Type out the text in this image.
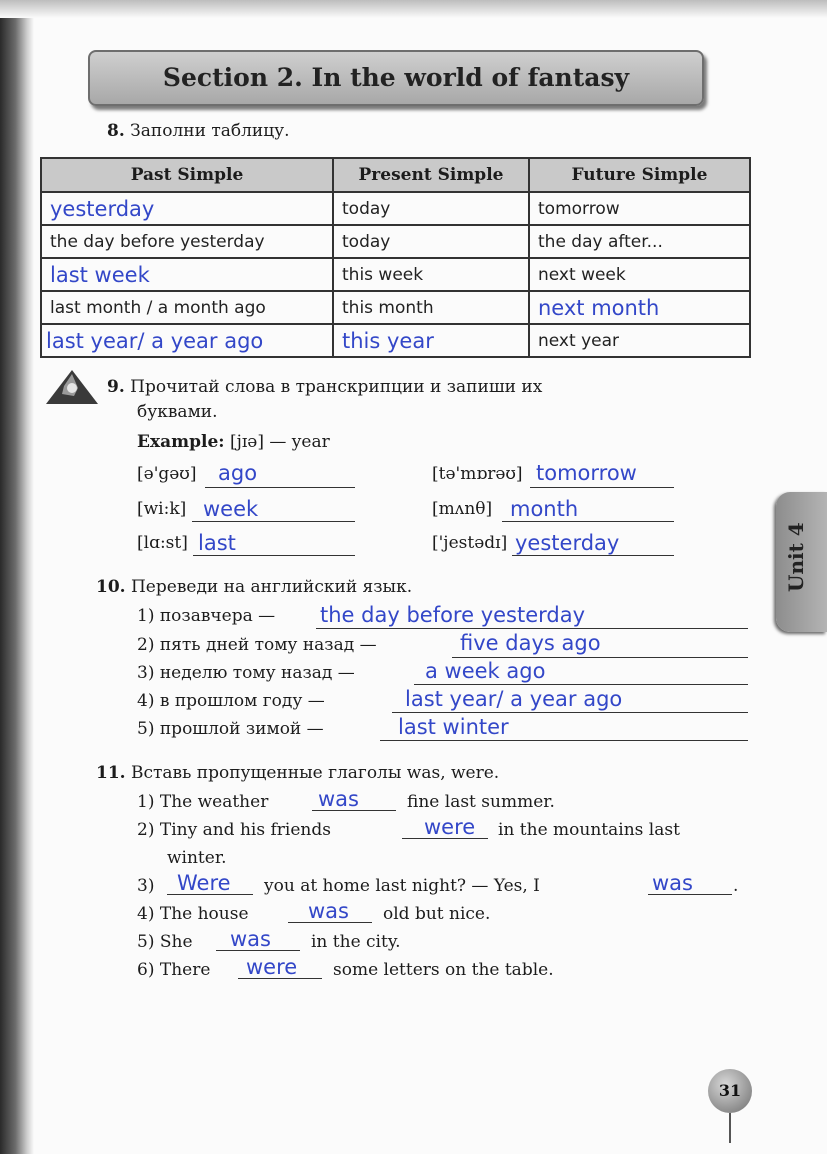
Section 2. In the world of fantasy
8. Заполни таблицу.
Past Simple	Present Simple	Future Simple
yesterday	today	tomorrow
the day before yesterday	today	the day after...
last week	this week	next week
last month / a month ago	this month	next month
last year/ a year ago	this year	next year
9. Прочитай слова в транскрипции и запиши их
буквами.
Example: [jɪə] — year
[ə'gəʊ] ago	[tə'mɒrəʊ] tomorrow
[wi:k] week	[mʌnθ] month
[lɑ:st] last	['jestədɪ] yesterday
10. Переведи на английский язык.
1) позавчера — the day before yesterday
2) пять дней тому назад —	five days ago
3) неделю тому назад —	a week ago
4) в прошлом году —	last year/ a year ago
5) прошлой зимой —	last winter
11. Вставь пропущенные глаголы was, were.
1) The weather was	fine last summer.
2) Tiny and his friends	were in the mountains last
winter.
3) Were you at home last night? — Yes, I	was .
4) The house	was old but nice.
5) She was in the city.
6) There were some letters on the table.
Unit 4
31
